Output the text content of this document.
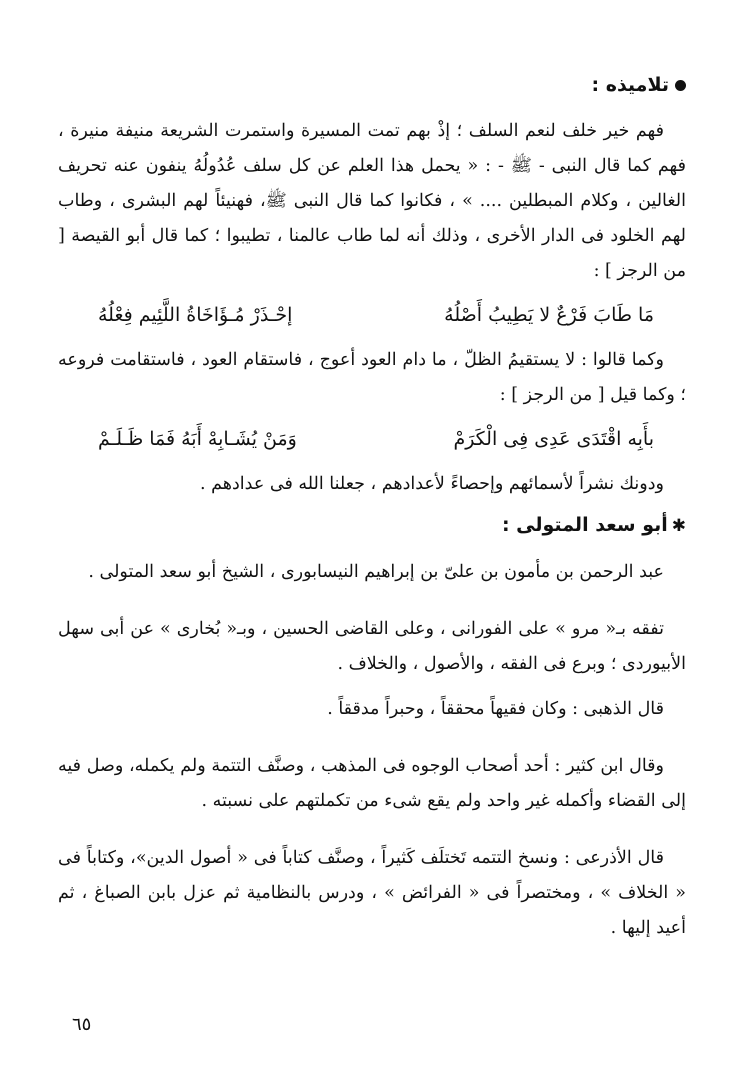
تلاميذه :

فهم خير خلف لنعم السلف ؛ إذْ بهم تمت المسيرة واستمرت الشريعة منيفة منيرة ، فهم كما قال النبى - ﷺ - : « يحمل هذا العلم عن كل سلف عُدُولُهُ ينفون عنه تحريف الغالين ، وكلام المبطلين .... » ، فكانوا كما قال النبى ﷺ، فهنيئاً لهم البشرى ، وطاب لهم الخلود فى الدار الأخرى ، وذلك أنه لما طاب عالمنا ، تطيبوا ؛ كما قال أبو القيصة [ من الرجز ] :

مَا طَابَ فَرْعٌ لا يَطِيبُ أَصْلُهُ
إحْـذَرْ مُـؤَاخَاةُ اللَّئِيم فِعْلُهُ

وكما قالوا : لا يستقيمُ الظلّ ، ما دام العود أعوج ، فاستقام العود ، فاستقامت فروعه ؛ وكما قيل [ من الرجز ] :

بأَبِه اقْتَدَى عَدِى فِى الْكَرَمْ
وَمَنْ يُشَـابِهْ أَبَهُ فَمَا ظَـلَـمْ

ودونك نشراً لأسمائهم وإحصاءً لأعدادهم ، جعلنا الله فى عدادهم .

✱أبو سعد المتولى :

عبد الرحمن بن مأمون بن علىّ بن إبراهيم النيسابورى ، الشيخ أبو سعد المتولى .

تفقه بـ« مرو » على الفورانى ، وعلى القاضى الحسين ، وبـ« بُخارى » عن أبى سهل الأبيوردى ؛ وبرع فى الفقه ، والأصول ، والخلاف .

قال الذهبى : وكان فقيهاً محققاً ، وحبراً مدققاً .

وقال ابن كثير : أحد أصحاب الوجوه فى المذهب ، وصنَّف التتمة ولم يكمله، وصل فيه إلى القضاء وأكمله غير واحد ولم يقع شىء من تكملتهم على نسبته .

قال الأذرعى : ونسخ التتمه تَختلَف كَثيراً ، وصنَّف كتاباً فى « أصول الدين»، وكتاباً فى « الخلاف » ، ومختصراً فى « الفرائض » ، ودرس بالنظامية ثم عزل بابن الصباغ ، ثم أعيد إليها .

٦٥
